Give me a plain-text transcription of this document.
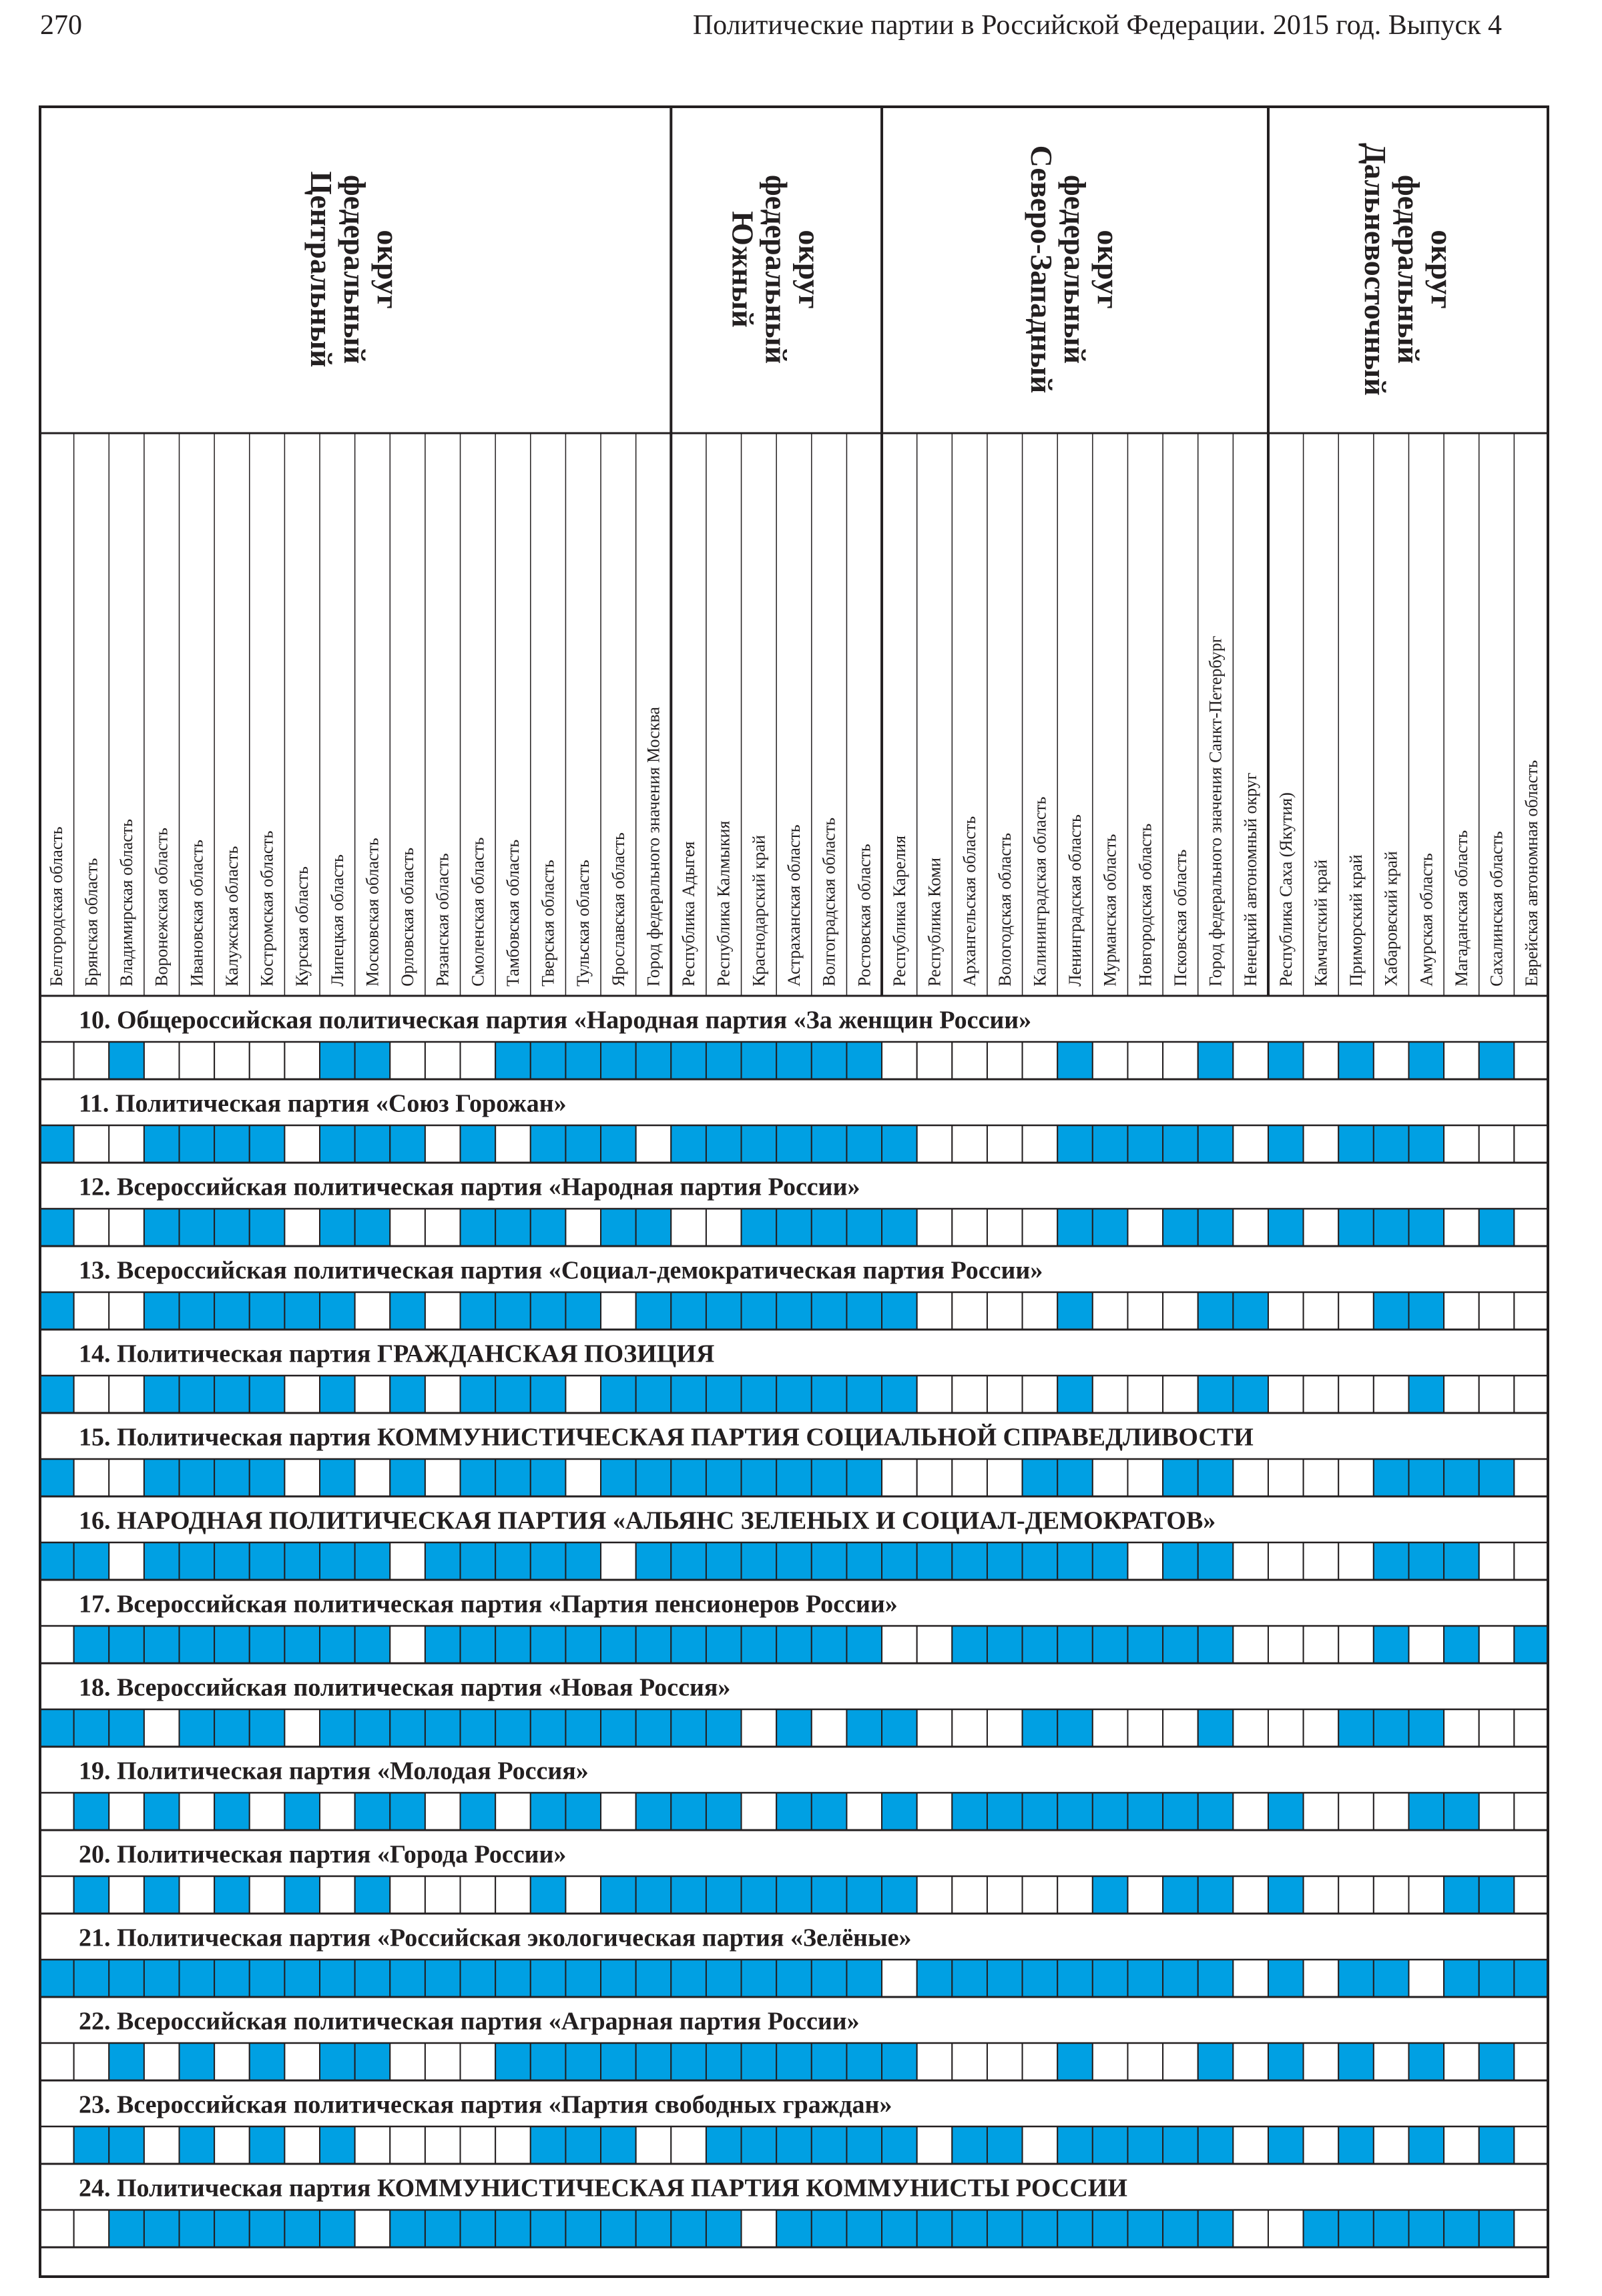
270	Политические партии в Российской Федерации. 2015 год. Выпуск 4
Центральный федеральный округ
Белгородская область Брянская область Владимирская область Воронежская область Ивановская область Калужская область Костромская область Курская область Липецкая область Московская область Орловская область Рязанская область Смоленская область Тамбовская область Тверская область Тульская область Ярославская область Город федерального значения Москва
Южный федеральный округ
Республика Адыгея Республика Калмыкия Краснодарский край Астраханская область Волгоградская область Ростовская область
Северо-Западный федеральный округ
Республика Карелия Республика Коми Архангельская область Вологодская область Калининградская область Ленинградская область Мурманская область Новгородская область Псковская область Город федерального значения Санкт-Петербург Ненецкий автономный округ
Дальневосточный федеральный округ
Республика Саха (Якутия) Камчатский край Приморский край Хабаровский край Амурская область Магаданская область Сахалинская область Еврейская автономная область
10. Общероссийская политическая партия «Народная партия «За женщин России»
11. Политическая партия «Союз Горожан»
12. Всероссийская политическая партия «Народная партия России»
13. Всероссийская политическая партия «Социал-демократическая партия России»
14. Политическая партия ГРАЖДАНСКАЯ ПОЗИЦИЯ
15. Политическая партия КОММУНИСТИЧЕСКАЯ ПАРТИЯ СОЦИАЛЬНОЙ СПРАВЕДЛИВОСТИ
16. НАРОДНАЯ ПОЛИТИЧЕСКАЯ ПАРТИЯ «АЛЬЯНС ЗЕЛЕНЫХ И СОЦИАЛ-ДЕМОКРАТОВ»
17. Всероссийская политическая партия «Партия пенсионеров России»
18. Всероссийская политическая партия «Новая Россия»
19. Политическая партия «Молодая Россия»
20. Политическая партия «Города России»
21. Политическая партия «Российская экологическая партия «Зелёные»
22. Всероссийская политическая партия «Аграрная партия России»
23. Всероссийская политическая партия «Партия свободных граждан»
24. Политическая партия КОММУНИСТИЧЕСКАЯ ПАРТИЯ КОММУНИСТЫ РОССИИ
